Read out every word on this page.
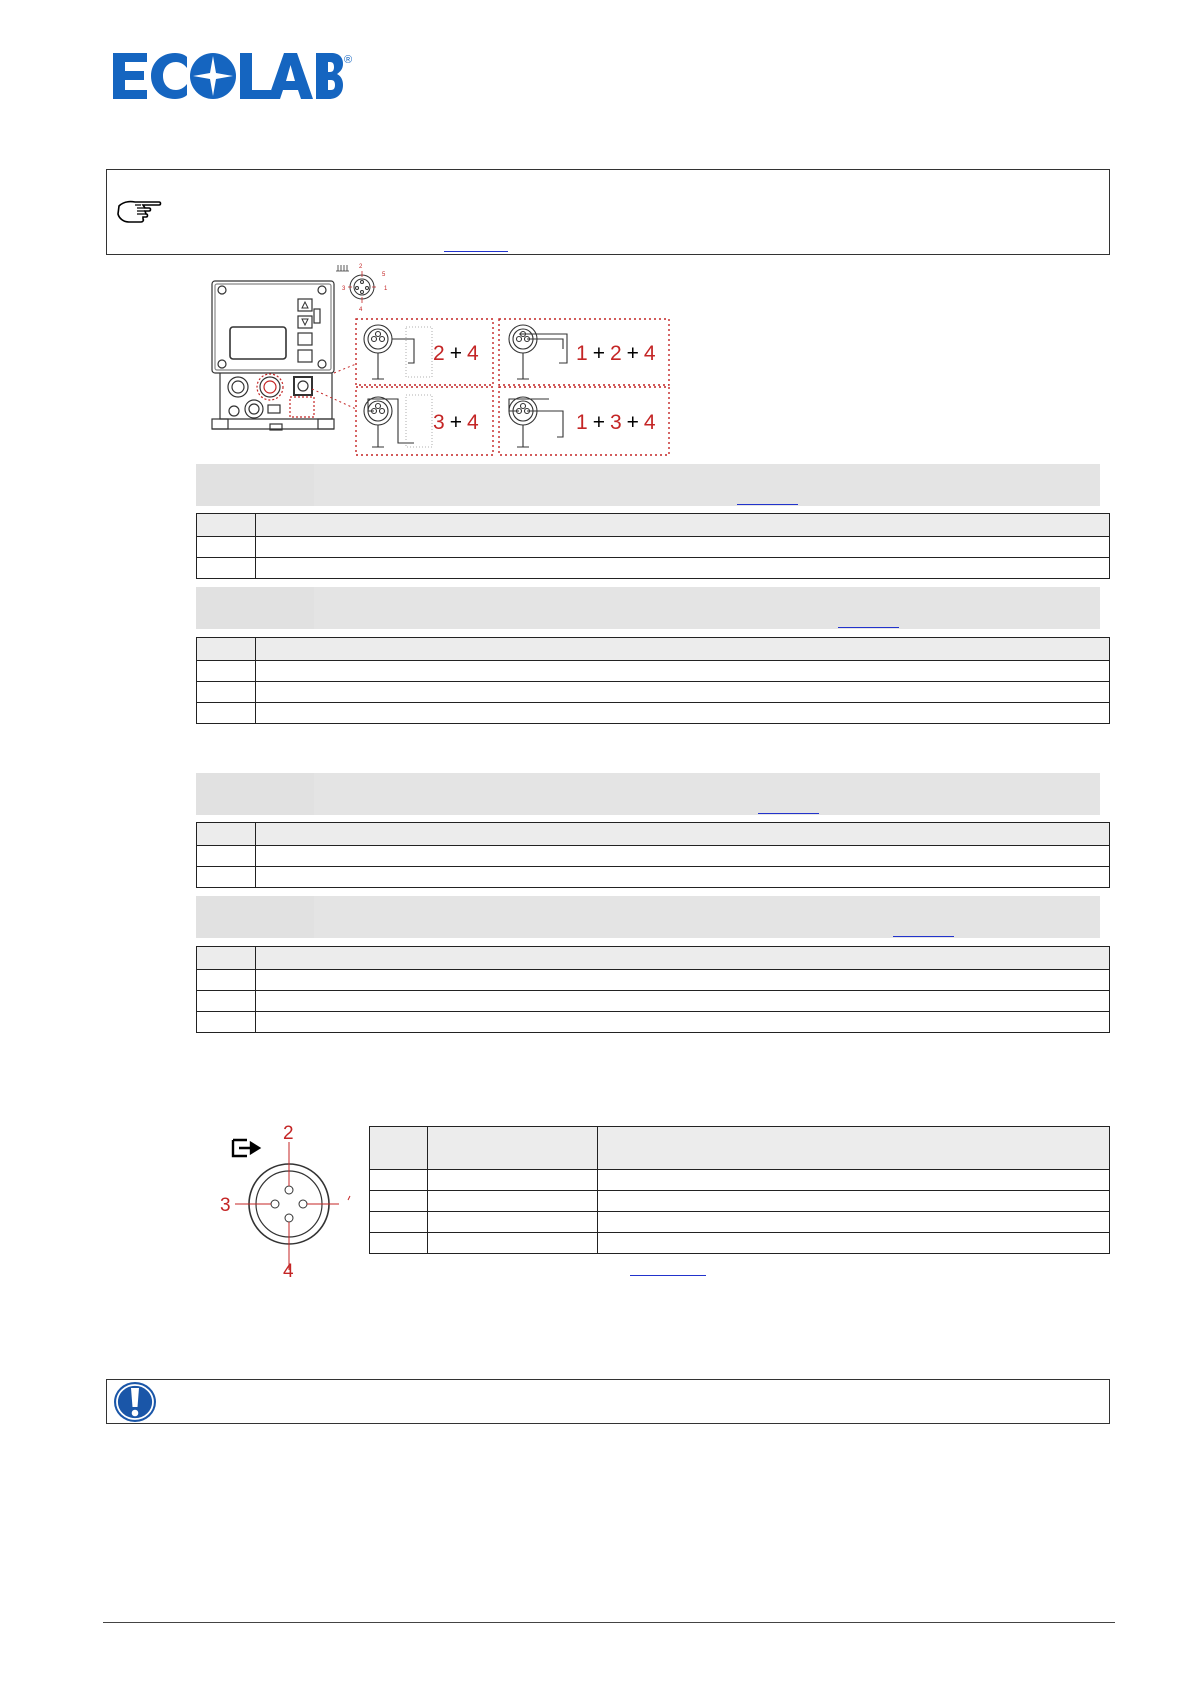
®
2
5
3	1
4
2 + 4	1 + 2 + 4
3 + 4	1 + 3 + 4

2
3
4
